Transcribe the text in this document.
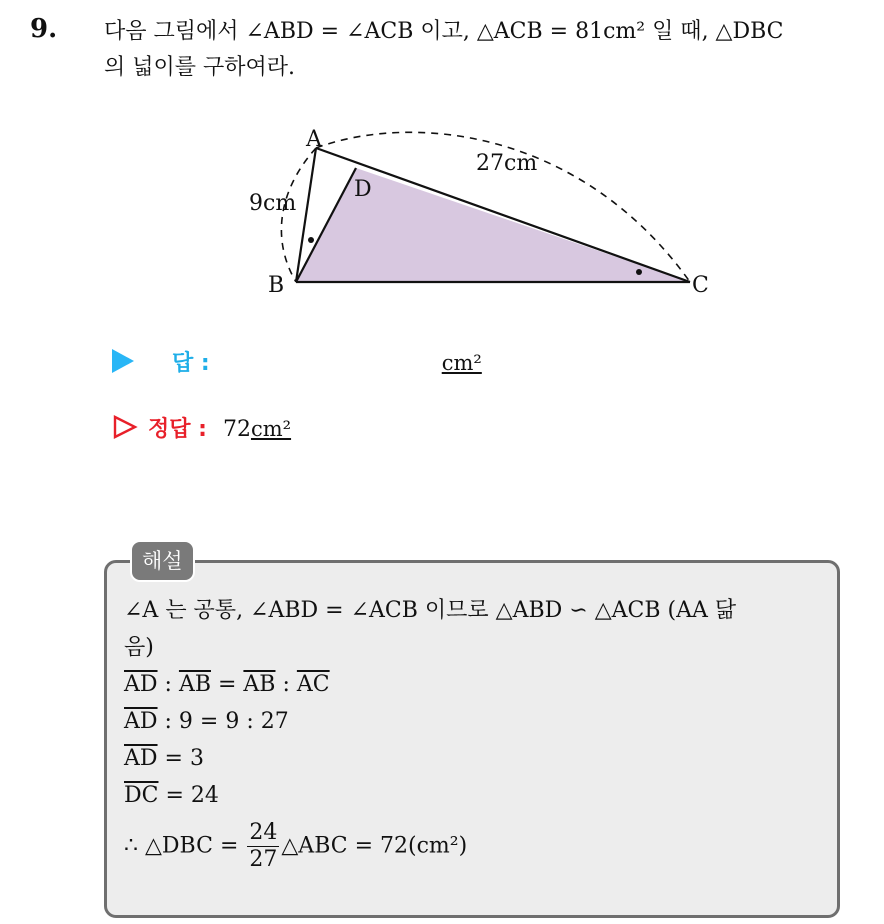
9. 다음 그림에서 ∠ABD = ∠ACB 이고, △ACB = 81cm² 일 때, △DBC
의 넓이를 구하여라.
A
B	C
D
9cm
27cm
답 :	cm²
정답 : 72 cm²
해설
∠A 는 공통, ∠ABD = ∠ACB 이므로 △ABD ∽ △ACB (AA 닮
음)
$\overline{AD}$ : $\overline{AB} = \overline{AB}$ : $\overline{AC}$
$\overline{AD}$ : 9 = 9 : 27
$\overline{AD} = 3$
$\overline{DC} = 24$
∴ △DBC = $\frac{24}{27}$ △ABC = 72(cm²)
